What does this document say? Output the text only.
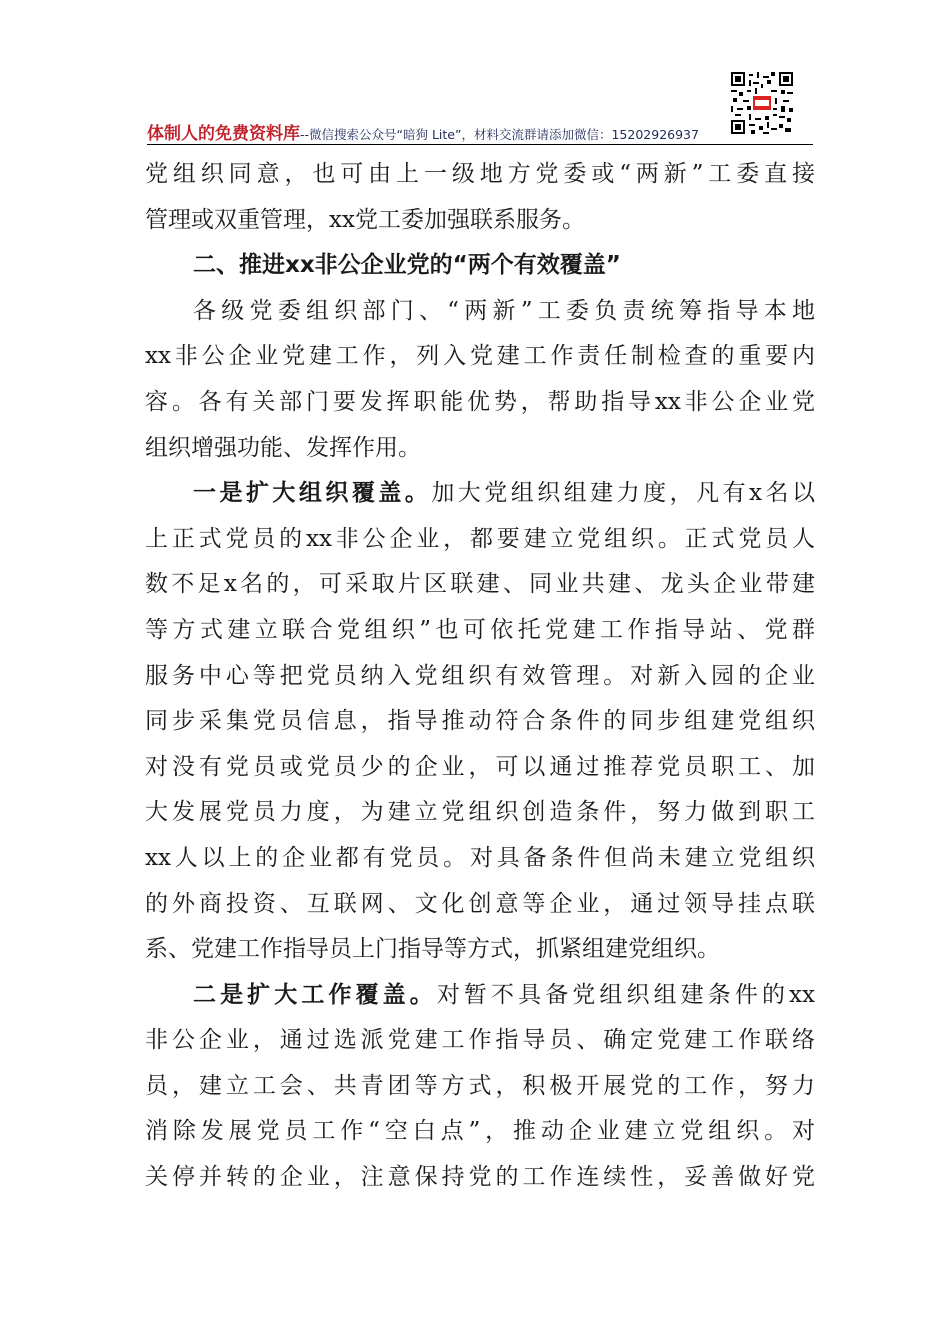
体制人的免费资料库--微信搜索公众号“暗狗 Lite”，材料交流群请添加微信：15202926937
党组织同意，也可由上一级地方党委或“两新”工委直接
管理或双重管理，xx党工委加强联系服务。
二、推进xx非公企业党的“两个有效覆盖”
各级党委组织部门、“两新”工委负责统筹指导本地
xx非公企业党建工作，列入党建工作责任制检查的重要内
容。各有关部门要发挥职能优势，帮助指导xx非公企业党
组织增强功能、发挥作用。
一是扩大组织覆盖。加大党组织组建力度，凡有x名以
上正式党员的xx非公企业，都要建立党组织。正式党员人
数不足x名的，可采取片区联建、同业共建、龙头企业带建
等方式建立联合党组织”也可依托党建工作指导站、党群
服务中心等把党员纳入党组织有效管理。对新入园的企业
同步采集党员信息，指导推动符合条件的同步组建党组织
对没有党员或党员少的企业，可以通过推荐党员职工、加
大发展党员力度，为建立党组织创造条件，努力做到职工
xx人以上的企业都有党员。对具备条件但尚未建立党组织
的外商投资、互联网、文化创意等企业，通过领导挂点联
系、党建工作指导员上门指导等方式，抓紧组建党组织。
二是扩大工作覆盖。对暂不具备党组织组建条件的xx
非公企业，通过选派党建工作指导员、确定党建工作联络
员，建立工会、共青团等方式，积极开展党的工作，努力
消除发展党员工作“空白点”，推动企业建立党组织。对
关停并转的企业，注意保持党的工作连续性，妥善做好党
